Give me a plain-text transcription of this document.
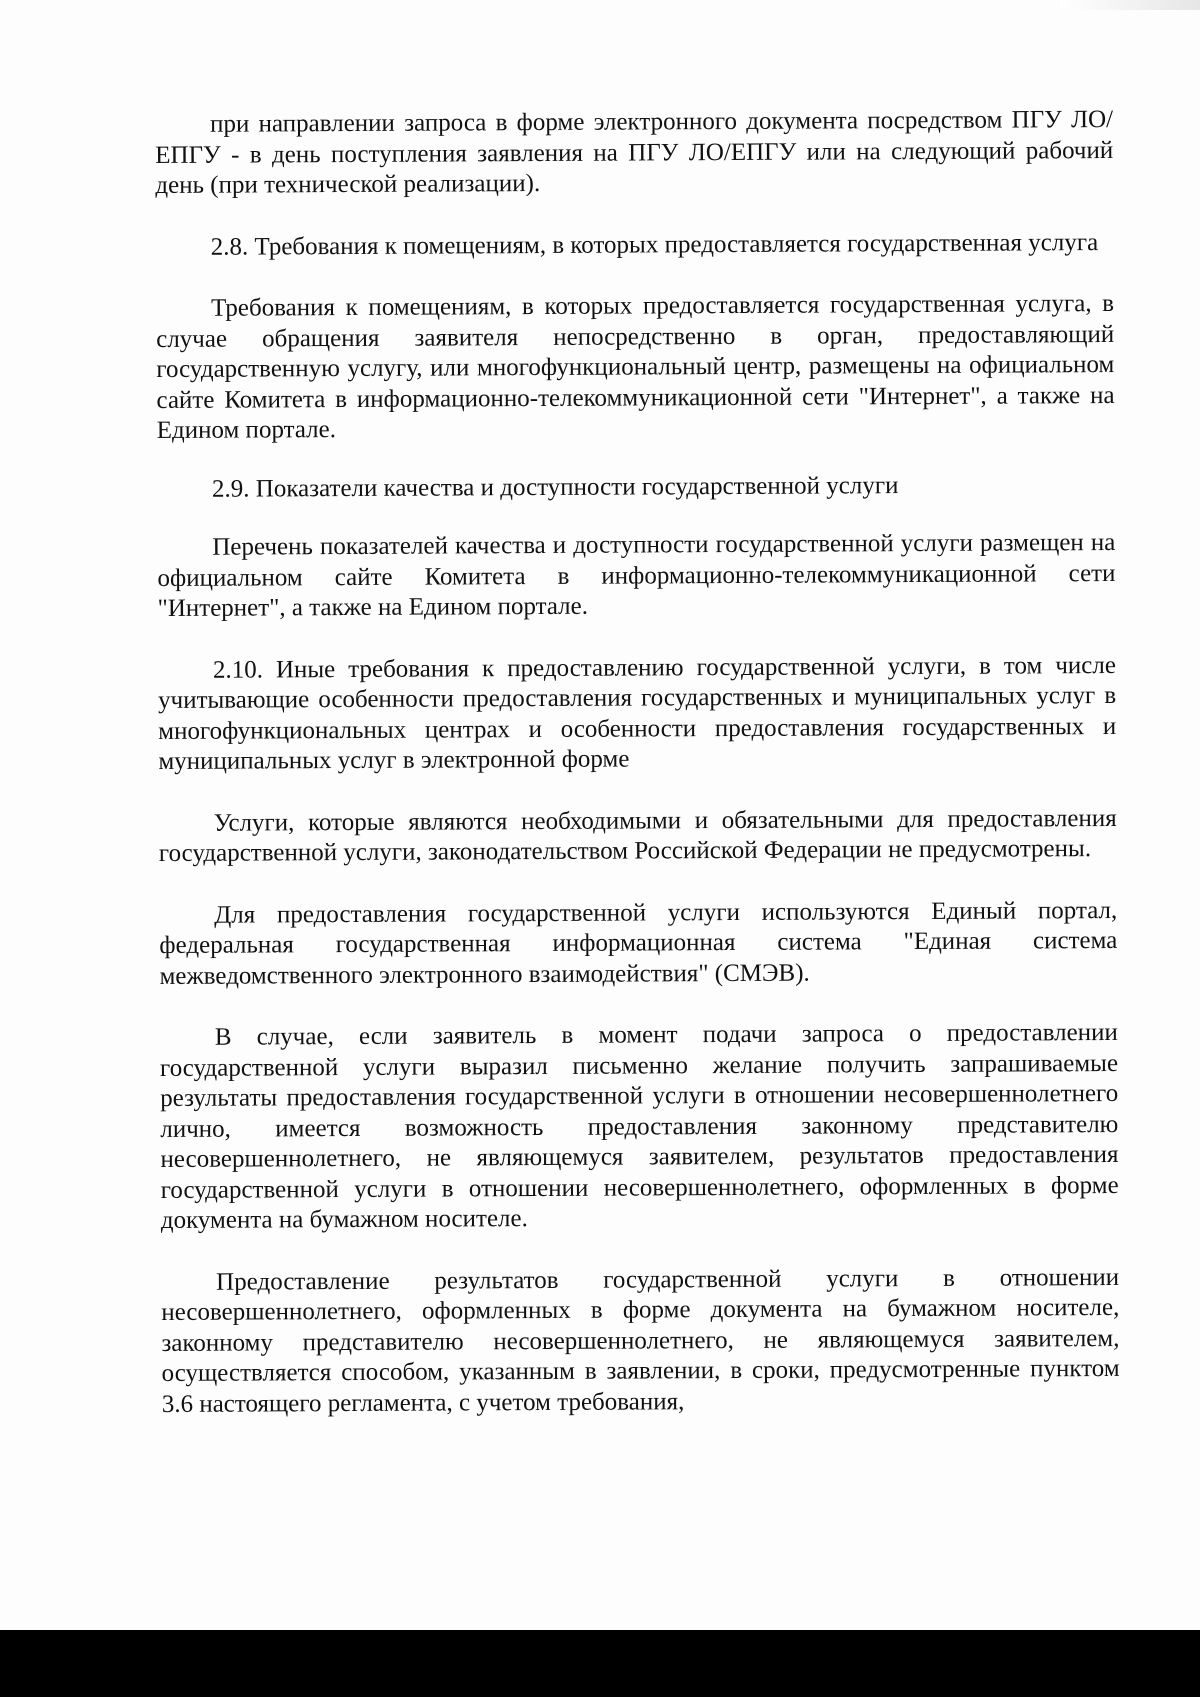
при направлении запроса в форме электронного документа посредством ПГУ ЛО/ЕПГУ - в день поступления заявления на ПГУ ЛО/ЕПГУ или на следующий рабочий день (при технической реализации).

2.8. Требования к помещениям, в которых предоставляется государственная услуга

Требования к помещениям, в которых предоставляется государственная услуга, в случае обращения заявителя непосредственно в орган, предоставляющий государственную услугу, или многофункциональный центр, размещены на официальном сайте Комитета в информационно-телекоммуникационной сети "Интернет", а также на Едином портале.

2.9. Показатели качества и доступности государственной услуги

Перечень показателей качества и доступности государственной услуги размещен на официальном сайте Комитета в информационно-телекоммуникационной сети "Интернет", а также на Едином портале.

2.10. Иные требования к предоставлению государственной услуги, в том числе учитывающие особенности предоставления государственных и муниципальных услуг в многофункциональных центрах и особенности предоставления государственных и муниципальных услуг в электронной форме

Услуги, которые являются необходимыми и обязательными для предоставления государственной услуги, законодательством Российской Федерации не предусмотрены.

Для предоставления государственной услуги используются Единый портал, федеральная государственная информационная система "Единая система межведомственного электронного взаимодействия" (СМЭВ).

В случае, если заявитель в момент подачи запроса о предоставлении государственной услуги выразил письменно желание получить запрашиваемые результаты предоставления государственной услуги в отношении несовершеннолетнего лично, имеется возможность предоставления законному представителю несовершеннолетнего, не являющемуся заявителем, результатов предоставления государственной услуги в отношении несовершеннолетнего, оформленных в форме документа на бумажном носителе.

Предоставление результатов государственной услуги в отношении несовершеннолетнего, оформленных в форме документа на бумажном носителе, законному представителю несовершеннолетнего, не являющемуся заявителем, осуществляется способом, указанным в заявлении, в сроки, предусмотренные пунктом 3.6 настоящего регламента, с учетом требования,
